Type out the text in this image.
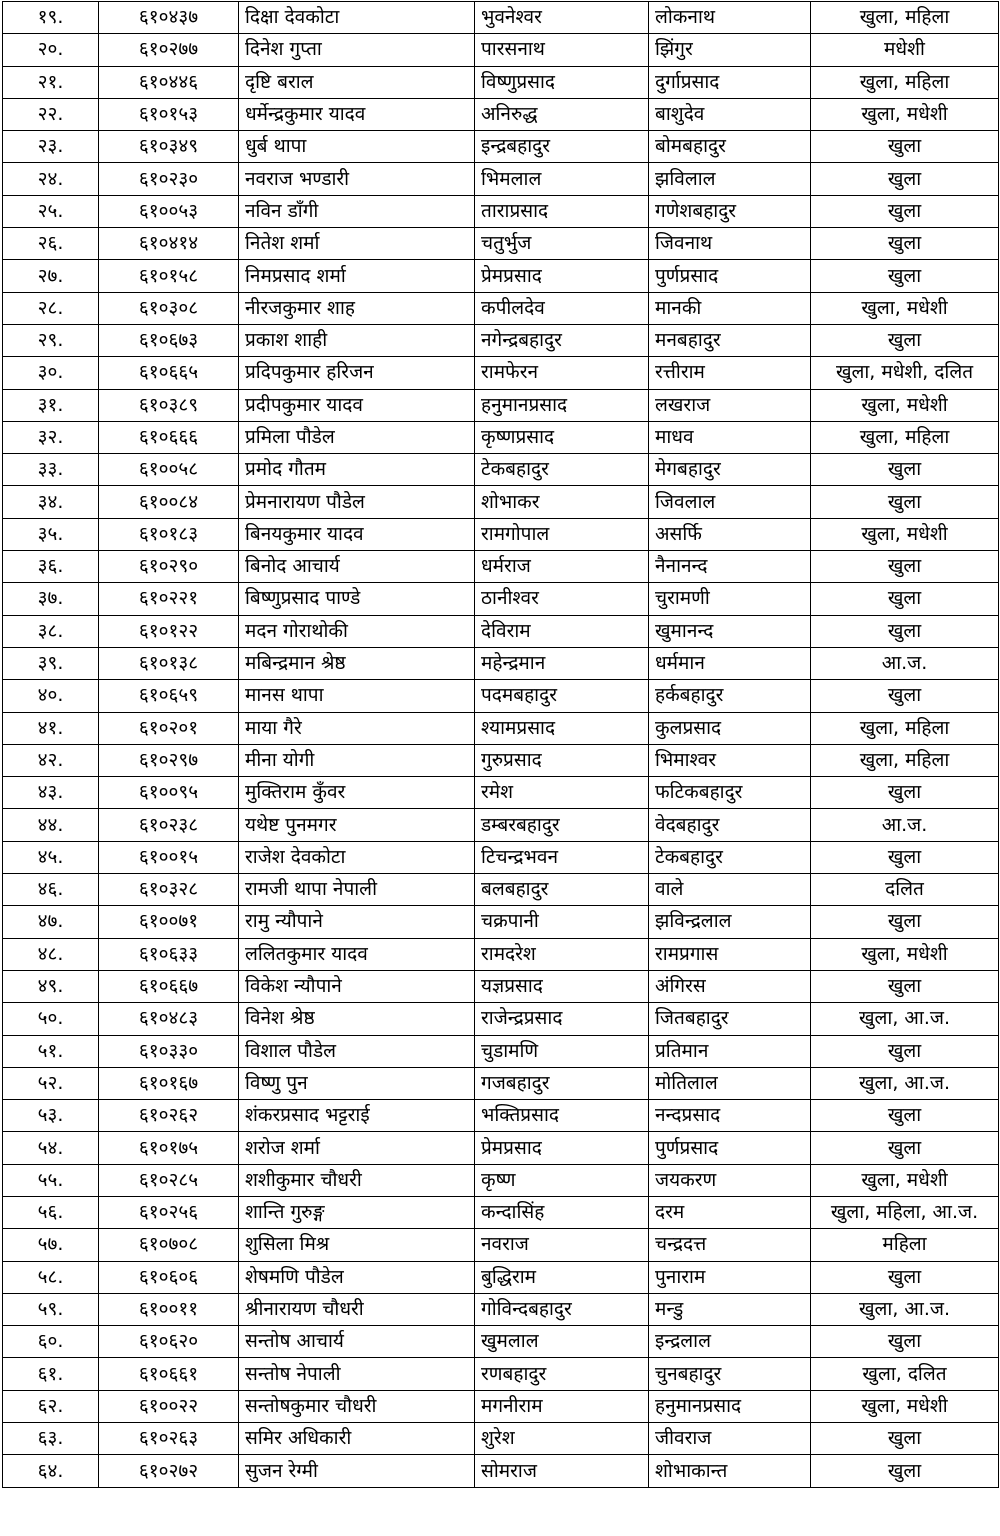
१९.	६१०४३७	दिक्षा देवकोटा	भुवनेश्वर	लोकनाथ	खुला, महिला
२०.	६१०२७७	दिनेश गुप्ता	पारसनाथ	झिंगुर	मधेशी
२१.	६१०४४६	दृष्टि बराल	विष्णुप्रसाद	दुर्गाप्रसाद	खुला, महिला
२२.	६१०१५३	धर्मेन्द्रकुमार यादव	अनिरुद्ध	बाशुदेव	खुला, मधेशी
२३.	६१०३४९	धुर्ब थापा	इन्द्रबहादुर	बोमबहादुर	खुला
२४.	६१०२३०	नवराज भण्डारी	भिमलाल	झविलाल	खुला
२५.	६१००५३	नविन डाँगी	ताराप्रसाद	गणेशबहादुर	खुला
२६.	६१०४१४	नितेश शर्मा	चतुर्भुज	जिवनाथ	खुला
२७.	६१०१५८	निमप्रसाद शर्मा	प्रेमप्रसाद	पुर्णप्रसाद	खुला
२८.	६१०३०८	नीरजकुमार शाह	कपीलदेव	मानकी	खुला, मधेशी
२९.	६१०६७३	प्रकाश शाही	नगेन्द्रबहादुर	मनबहादुर	खुला
३०.	६१०६६५	प्रदिपकुमार हरिजन	रामफेरन	रत्तीराम	खुला, मधेशी, दलित
३१.	६१०३८९	प्रदीपकुमार यादव	हनुमानप्रसाद	लखराज	खुला, मधेशी
३२.	६१०६६६	प्रमिला पौडेल	कृष्णप्रसाद	माधव	खुला, महिला
३३.	६१००५८	प्रमोद गौतम	टेकबहादुर	मेगबहादुर	खुला
३४.	६१००८४	प्रेमनारायण पौडेल	शोभाकर	जिवलाल	खुला
३५.	६१०१८३	बिनयकुमार यादव	रामगोपाल	असर्फि	खुला, मधेशी
३६.	६१०२९०	बिनोद आचार्य	धर्मराज	नैनानन्द	खुला
३७.	६१०२२१	बिष्णुप्रसाद पाण्डे	ठानीश्वर	चुरामणी	खुला
३८.	६१०१२२	मदन गोराथोकी	देविराम	खुमानन्द	खुला
३९.	६१०१३८	मबिन्द्रमान श्रेष्ठ	महेन्द्रमान	धर्ममान	आ.ज.
४०.	६१०६५९	मानस थापा	पदमबहादुर	हर्कबहादुर	खुला
४१.	६१०२०१	माया गैरे	श्यामप्रसाद	कुलप्रसाद	खुला, महिला
४२.	६१०२९७	मीना योगी	गुरुप्रसाद	भिमाश्वर	खुला, महिला
४३.	६१००९५	मुक्तिराम कुँवर	रमेश	फटिकबहादुर	खुला
४४.	६१०२३८	यथेष्ट पुनमगर	डम्बरबहादुर	वेदबहादुर	आ.ज.
४५.	६१००१५	राजेश देवकोटा	टिचन्द्रभवन	टेकबहादुर	खुला
४६.	६१०३२८	रामजी थापा नेपाली	बलबहादुर	वाले	दलित
४७.	६१००७१	रामु न्यौपाने	चक्रपानी	झविन्द्रलाल	खुला
४८.	६१०६३३	ललितकुमार यादव	रामदरेश	रामप्रगास	खुला, मधेशी
४९.	६१०६६७	विकेश न्यौपाने	यज्ञप्रसाद	अंगिरस	खुला
५०.	६१०४८३	विनेश श्रेष्ठ	राजेन्द्रप्रसाद	जितबहादुर	खुला, आ.ज.
५१.	६१०३३०	विशाल पौडेल	चुडामणि	प्रतिमान	खुला
५२.	६१०१६७	विष्णु पुन	गजबहादुर	मोतिलाल	खुला, आ.ज.
५३.	६१०२६२	शंकरप्रसाद भट्टराई	भक्तिप्रसाद	नन्दप्रसाद	खुला
५४.	६१०१७५	शरोज शर्मा	प्रेमप्रसाद	पुर्णप्रसाद	खुला
५५.	६१०२८५	शशीकुमार चौधरी	कृष्ण	जयकरण	खुला, मधेशी
५६.	६१०२५६	शान्ति गुरुङ्ग	कन्दासिंह	दरम	खुला, महिला, आ.ज.
५७.	६१०७०८	शुसिला मिश्र	नवराज	चन्द्रदत्त	महिला
५८.	६१०६०६	शेषमणि पौडेल	बुद्धिराम	पुनाराम	खुला
५९.	६१००११	श्रीनारायण चौधरी	गोविन्दबहादुर	मन्डु	खुला, आ.ज.
६०.	६१०६२०	सन्तोष आचार्य	खुमलाल	इन्द्रलाल	खुला
६१.	६१०६६१	सन्तोष नेपाली	रणबहादुर	चुनबहादुर	खुला, दलित
६२.	६१००२२	सन्तोषकुमार चौधरी	मगनीराम	हनुमानप्रसाद	खुला, मधेशी
६३.	६१०२६३	समिर अधिकारी	शुरेश	जीवराज	खुला
६४.	६१०२७२	सुजन रेग्मी	सोमराज	शोभाकान्त	खुला
